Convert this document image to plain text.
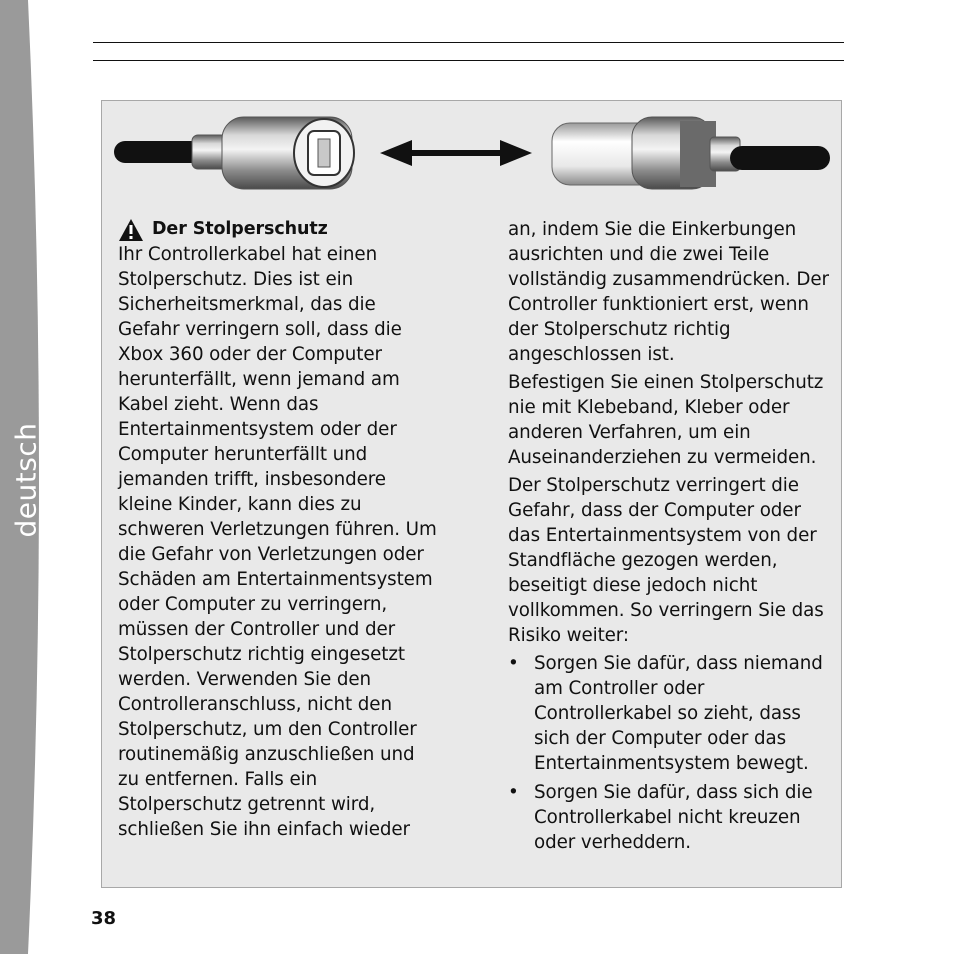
deutsch
Der Stolperschutz

Ihr Controllerkabel hat einen Stolperschutz. Dies ist ein Sicherheitsmerkmal, das die Gefahr verringern soll, dass die Xbox 360 oder der Computer herunterfällt, wenn jemand am Kabel zieht. Wenn das Entertainmentsystem oder der Computer herunterfällt und jemanden trifft, insbesondere kleine Kinder, kann dies zu schweren Verletzungen führen. Um die Gefahr von Verletzungen oder Schäden am Entertainmentsystem oder Computer zu verringern, müssen der Controller und der Stolperschutz richtig eingesetzt werden. Verwenden Sie den Controlleranschluss, nicht den Stolperschutz, um den Controller routinemäßig anzuschließen und zu entfernen. Falls ein Stolperschutz getrennt wird, schließen Sie ihn einfach wieder

an, indem Sie die Einkerbungen ausrichten und die zwei Teile vollständig zusammendrücken. Der Controller funktioniert erst, wenn der Stolperschutz richtig angeschlossen ist.

Befestigen Sie einen Stolperschutz nie mit Klebeband, Kleber oder anderen Verfahren, um ein Auseinanderziehen zu vermeiden.

Der Stolperschutz verringert die Gefahr, dass der Computer oder das Entertainmentsystem von der Standfläche gezogen werden, beseitigt diese jedoch nicht vollkommen. So verringern Sie das Risiko weiter:

• Sorgen Sie dafür, dass niemand am Controller oder Controllerkabel so zieht, dass sich der Computer oder das Entertainmentsystem bewegt.
• Sorgen Sie dafür, dass sich die Controllerkabel nicht kreuzen oder verheddern.
38
